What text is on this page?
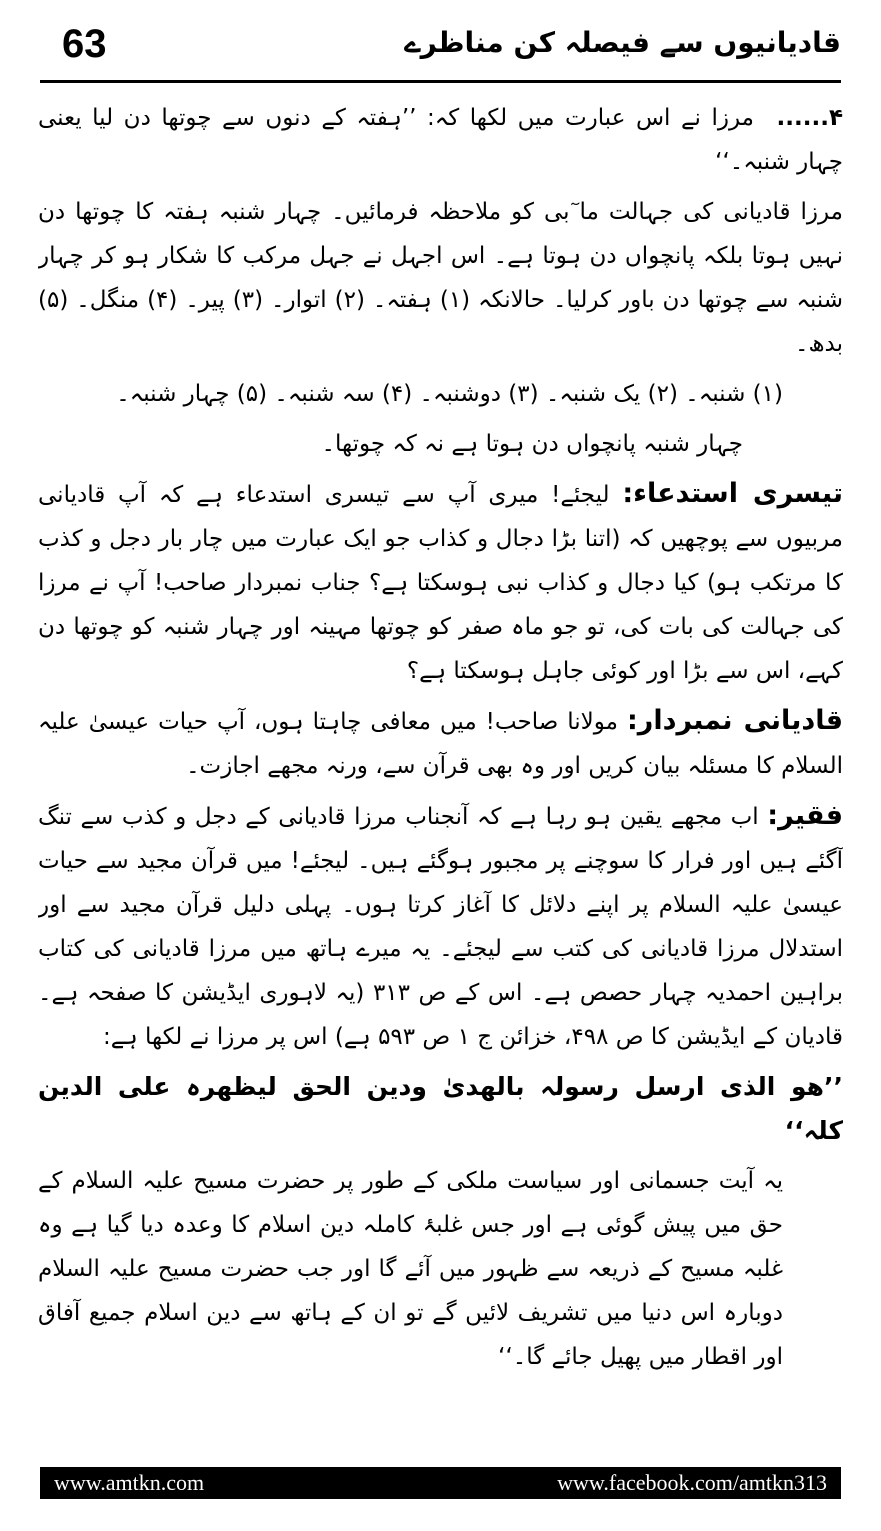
63	قادیانیوں سے فیصلہ کن مناظرے

۴...... مرزا نے اس عبارت میں لکھا کہ: ’’ہفتہ کے دنوں سے چوتھا دن لیا یعنی چہار شنبہ۔‘‘

مرزا قادیانی کی جہالت ما ٓبی کو ملاحظہ فرمائیں۔ چہار شنبہ ہفتہ کا چوتھا دن نہیں ہوتا بلکہ پانچواں دن ہوتا ہے۔ اس اجہل نے جہل مرکب کا شکار ہو کر چہار شنبہ سے چوتھا دن باور کرلیا۔ حالانکہ (۱) ہفتہ۔ (۲) اتوار۔ (۳) پیر۔ (۴) منگل۔ (۵) بدھ۔

(۱) شنبہ۔ (۲) یک شنبہ۔ (۳) دوشنبہ۔ (۴) سہ شنبہ۔ (۵) چہار شنبہ۔

چہار شنبہ پانچواں دن ہوتا ہے نہ کہ چوتھا۔

تیسری استدعاء: لیجئے! میری آپ سے تیسری استدعاء ہے کہ آپ قادیانی مربیوں سے پوچھیں کہ (اتنا بڑا دجال و کذاب جو ایک عبارت میں چار بار دجل و کذب کا مرتکب ہو) کیا دجال و کذاب نبی ہوسکتا ہے؟ جناب نمبردار صاحب! آپ نے مرزا کی جہالت کی بات کی، تو جو ماہ صفر کو چوتھا مہینہ اور چہار شنبہ کو چوتھا دن کہے، اس سے بڑا اور کوئی جاہل ہوسکتا ہے؟

قادیانی نمبردار: مولانا صاحب! میں معافی چاہتا ہوں، آپ حیات عیسیٰ علیہ السلام کا مسئلہ بیان کریں اور وہ بھی قرآن سے، ورنہ مجھے اجازت۔

فقیر: اب مجھے یقین ہو رہا ہے کہ آنجناب مرزا قادیانی کے دجل و کذب سے تنگ آگئے ہیں اور فرار کا سوچنے پر مجبور ہوگئے ہیں۔ لیجئے! میں قرآن مجید سے حیات عیسیٰ علیہ السلام پر اپنے دلائل کا آغاز کرتا ہوں۔ پہلی دلیل قرآن مجید سے اور استدلال مرزا قادیانی کی کتب سے لیجئے۔ یہ میرے ہاتھ میں مرزا قادیانی کی کتاب براہین احمدیہ چہار حصص ہے۔ اس کے ص ۳۱۳ (یہ لاہوری ایڈیشن کا صفحہ ہے۔ قادیان کے ایڈیشن کا ص ۴۹۸، خزائن ج ۱ ص ۵۹۳ ہے) اس پر مرزا نے لکھا ہے:

’’ھو الذی ارسل رسولہ بالھدیٰ ودین الحق لیظھرہ علی الدین کلہ‘‘

یہ آیت جسمانی اور سیاست ملکی کے طور پر حضرت مسیح علیہ السلام کے حق میں پیش گوئی ہے اور جس غلبۂ کاملہ دین اسلام کا وعدہ دیا گیا ہے وہ غلبہ مسیح کے ذریعہ سے ظہور میں آئے گا اور جب حضرت مسیح علیہ السلام دوبارہ اس دنیا میں تشریف لائیں گے تو ان کے ہاتھ سے دین اسلام جمیع آفاق اور اقطار میں پھیل جائے گا۔‘‘

www.amtkn.com	www.facebook.com/amtkn313
